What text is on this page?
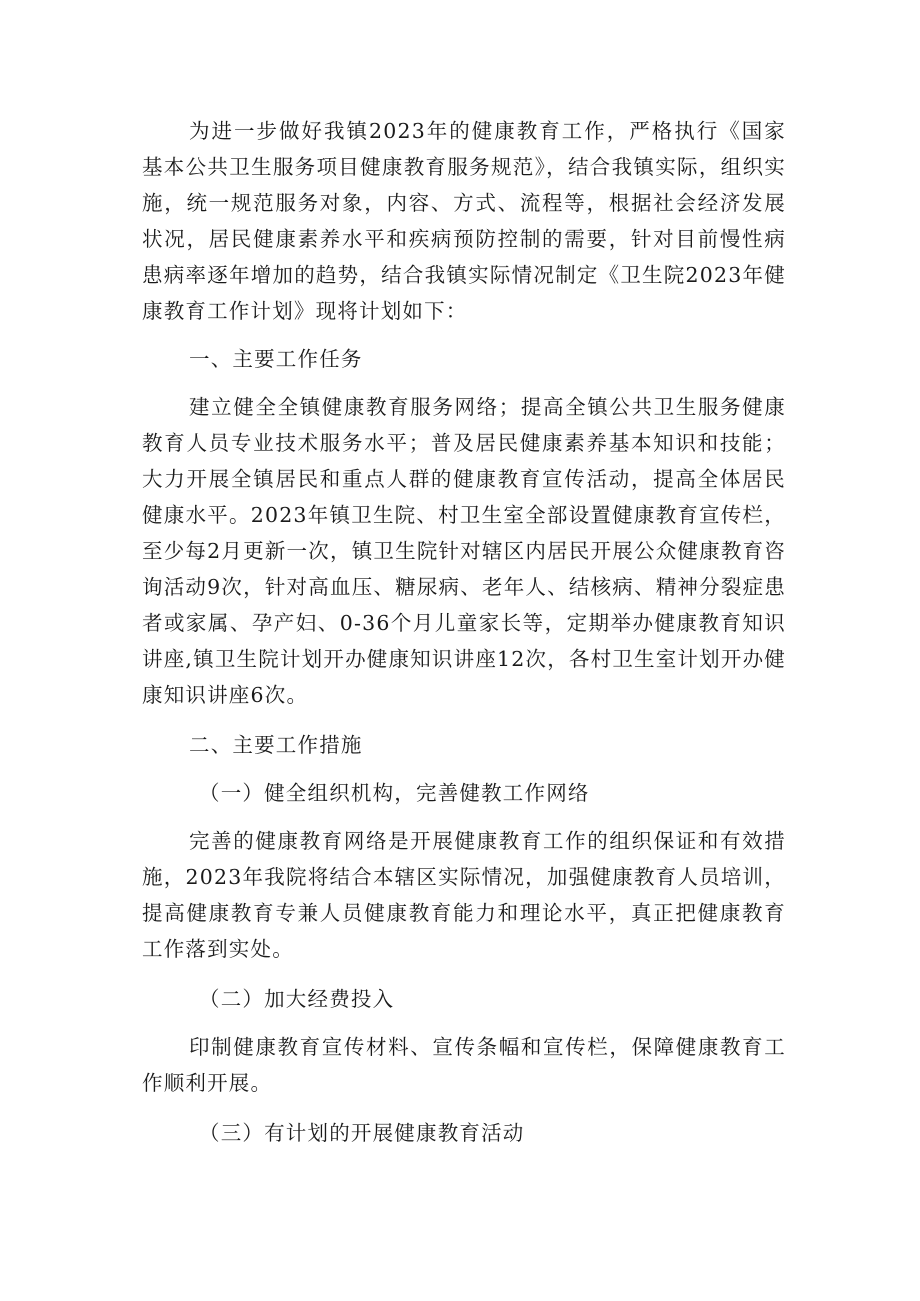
为进一步做好我镇2023年的健康教育工作，严格执行《国家基本公共卫生服务项目健康教育服务规范》，结合我镇实际，组织实施，统一规范服务对象，内容、方式、流程等，根据社会经济发展状况，居民健康素养水平和疾病预防控制的需要，针对目前慢性病患病率逐年增加的趋势，结合我镇实际情况制定《卫生院2023年健康教育工作计划》现将计划如下：

一、主要工作任务

建立健全全镇健康教育服务网络；提高全镇公共卫生服务健康教育人员专业技术服务水平；普及居民健康素养基本知识和技能；大力开展全镇居民和重点人群的健康教育宣传活动，提高全体居民健康水平。2023年镇卫生院、村卫生室全部设置健康教育宣传栏，至少每2月更新一次，镇卫生院针对辖区内居民开展公众健康教育咨询活动9次，针对高血压、糖尿病、老年人、结核病、精神分裂症患者或家属、孕产妇、0-36个月儿童家长等，定期举办健康教育知识讲座,镇卫生院计划开办健康知识讲座12次，各村卫生室计划开办健康知识讲座6次。

二、主要工作措施

（一）健全组织机构，完善健教工作网络

完善的健康教育网络是开展健康教育工作的组织保证和有效措施，2023年我院将结合本辖区实际情况，加强健康教育人员培训，提高健康教育专兼人员健康教育能力和理论水平，真正把健康教育工作落到实处。

（二）加大经费投入

印制健康教育宣传材料、宣传条幅和宣传栏，保障健康教育工作顺利开展。

（三）有计划的开展健康教育活动
